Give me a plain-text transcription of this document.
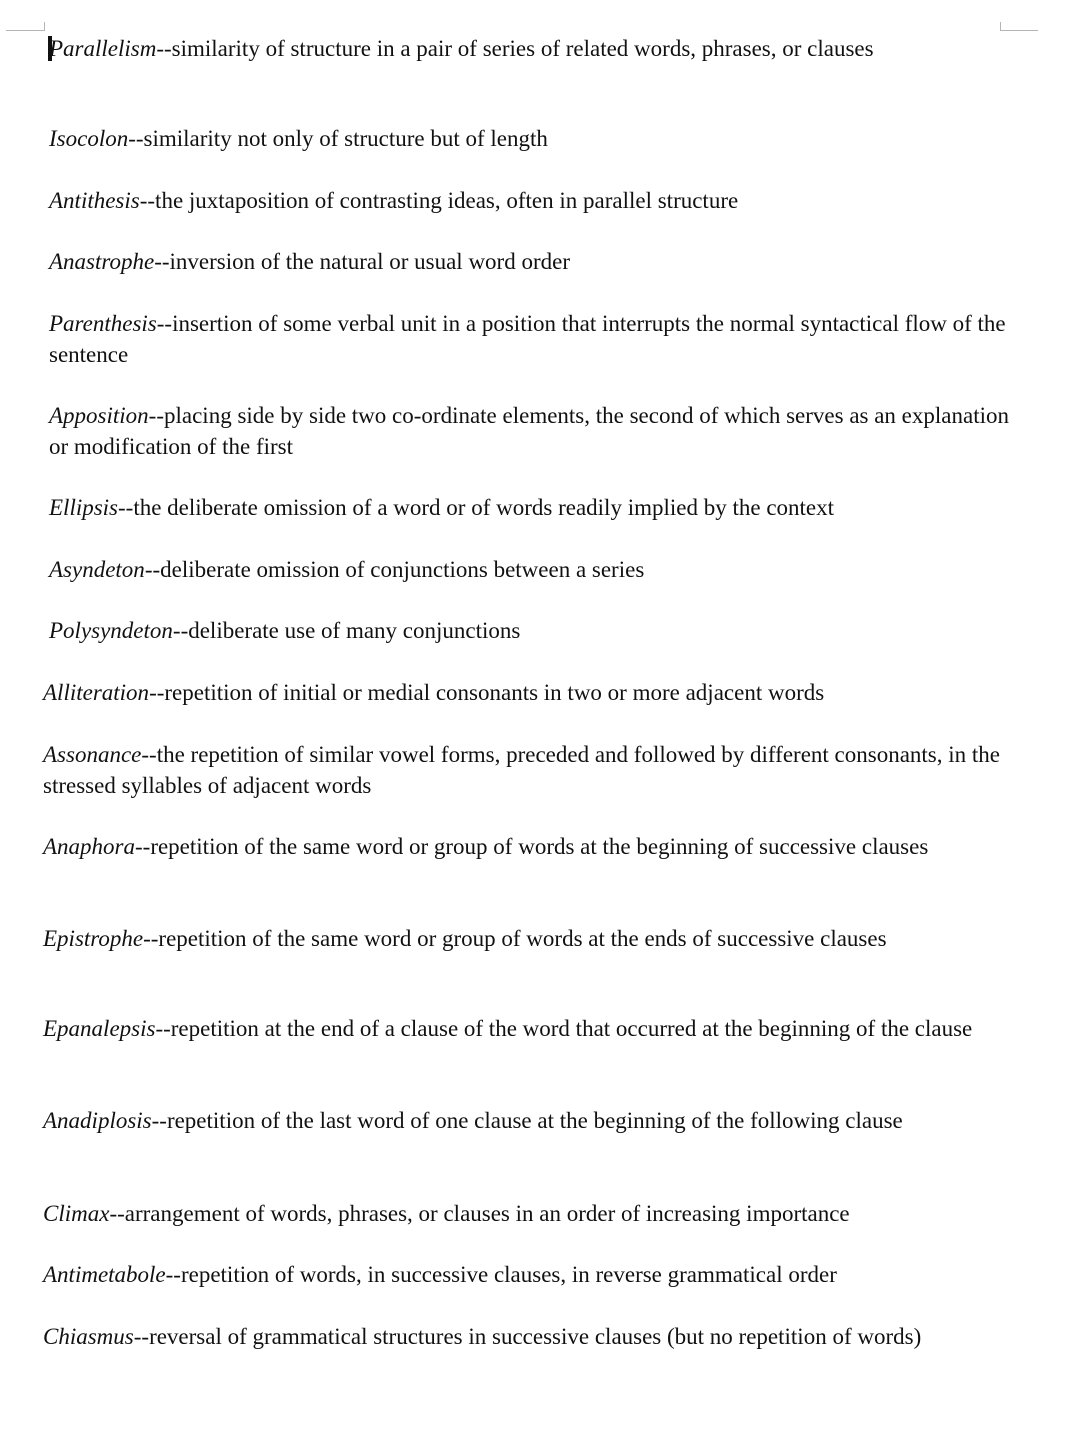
Parallelism--similarity of structure in a pair of series of related words, phrases, or clauses

Isocolon--similarity not only of structure but of length

Antithesis--the juxtaposition of contrasting ideas, often in parallel structure

Anastrophe--inversion of the natural or usual word order

Parenthesis--insertion of some verbal unit in a position that interrupts the normal syntactical flow of the sentence

Apposition--placing side by side two co-ordinate elements, the second of which serves as an explanation or modification of the first

Ellipsis--the deliberate omission of a word or of words readily implied by the context

Asyndeton--deliberate omission of conjunctions between a series

Polysyndeton--deliberate use of many conjunctions

Alliteration--repetition of initial or medial consonants in two or more adjacent words

Assonance--the repetition of similar vowel forms, preceded and followed by different consonants, in the stressed syllables of adjacent words

Anaphora--repetition of the same word or group of words at the beginning of successive clauses

Epistrophe--repetition of the same word or group of words at the ends of successive clauses

Epanalepsis--repetition at the end of a clause of the word that occurred at the beginning of the clause

Anadiplosis--repetition of the last word of one clause at the beginning of the following clause

Climax--arrangement of words, phrases, or clauses in an order of increasing importance

Antimetabole--repetition of words, in successive clauses, in reverse grammatical order

Chiasmus--reversal of grammatical structures in successive clauses (but no repetition of words)
